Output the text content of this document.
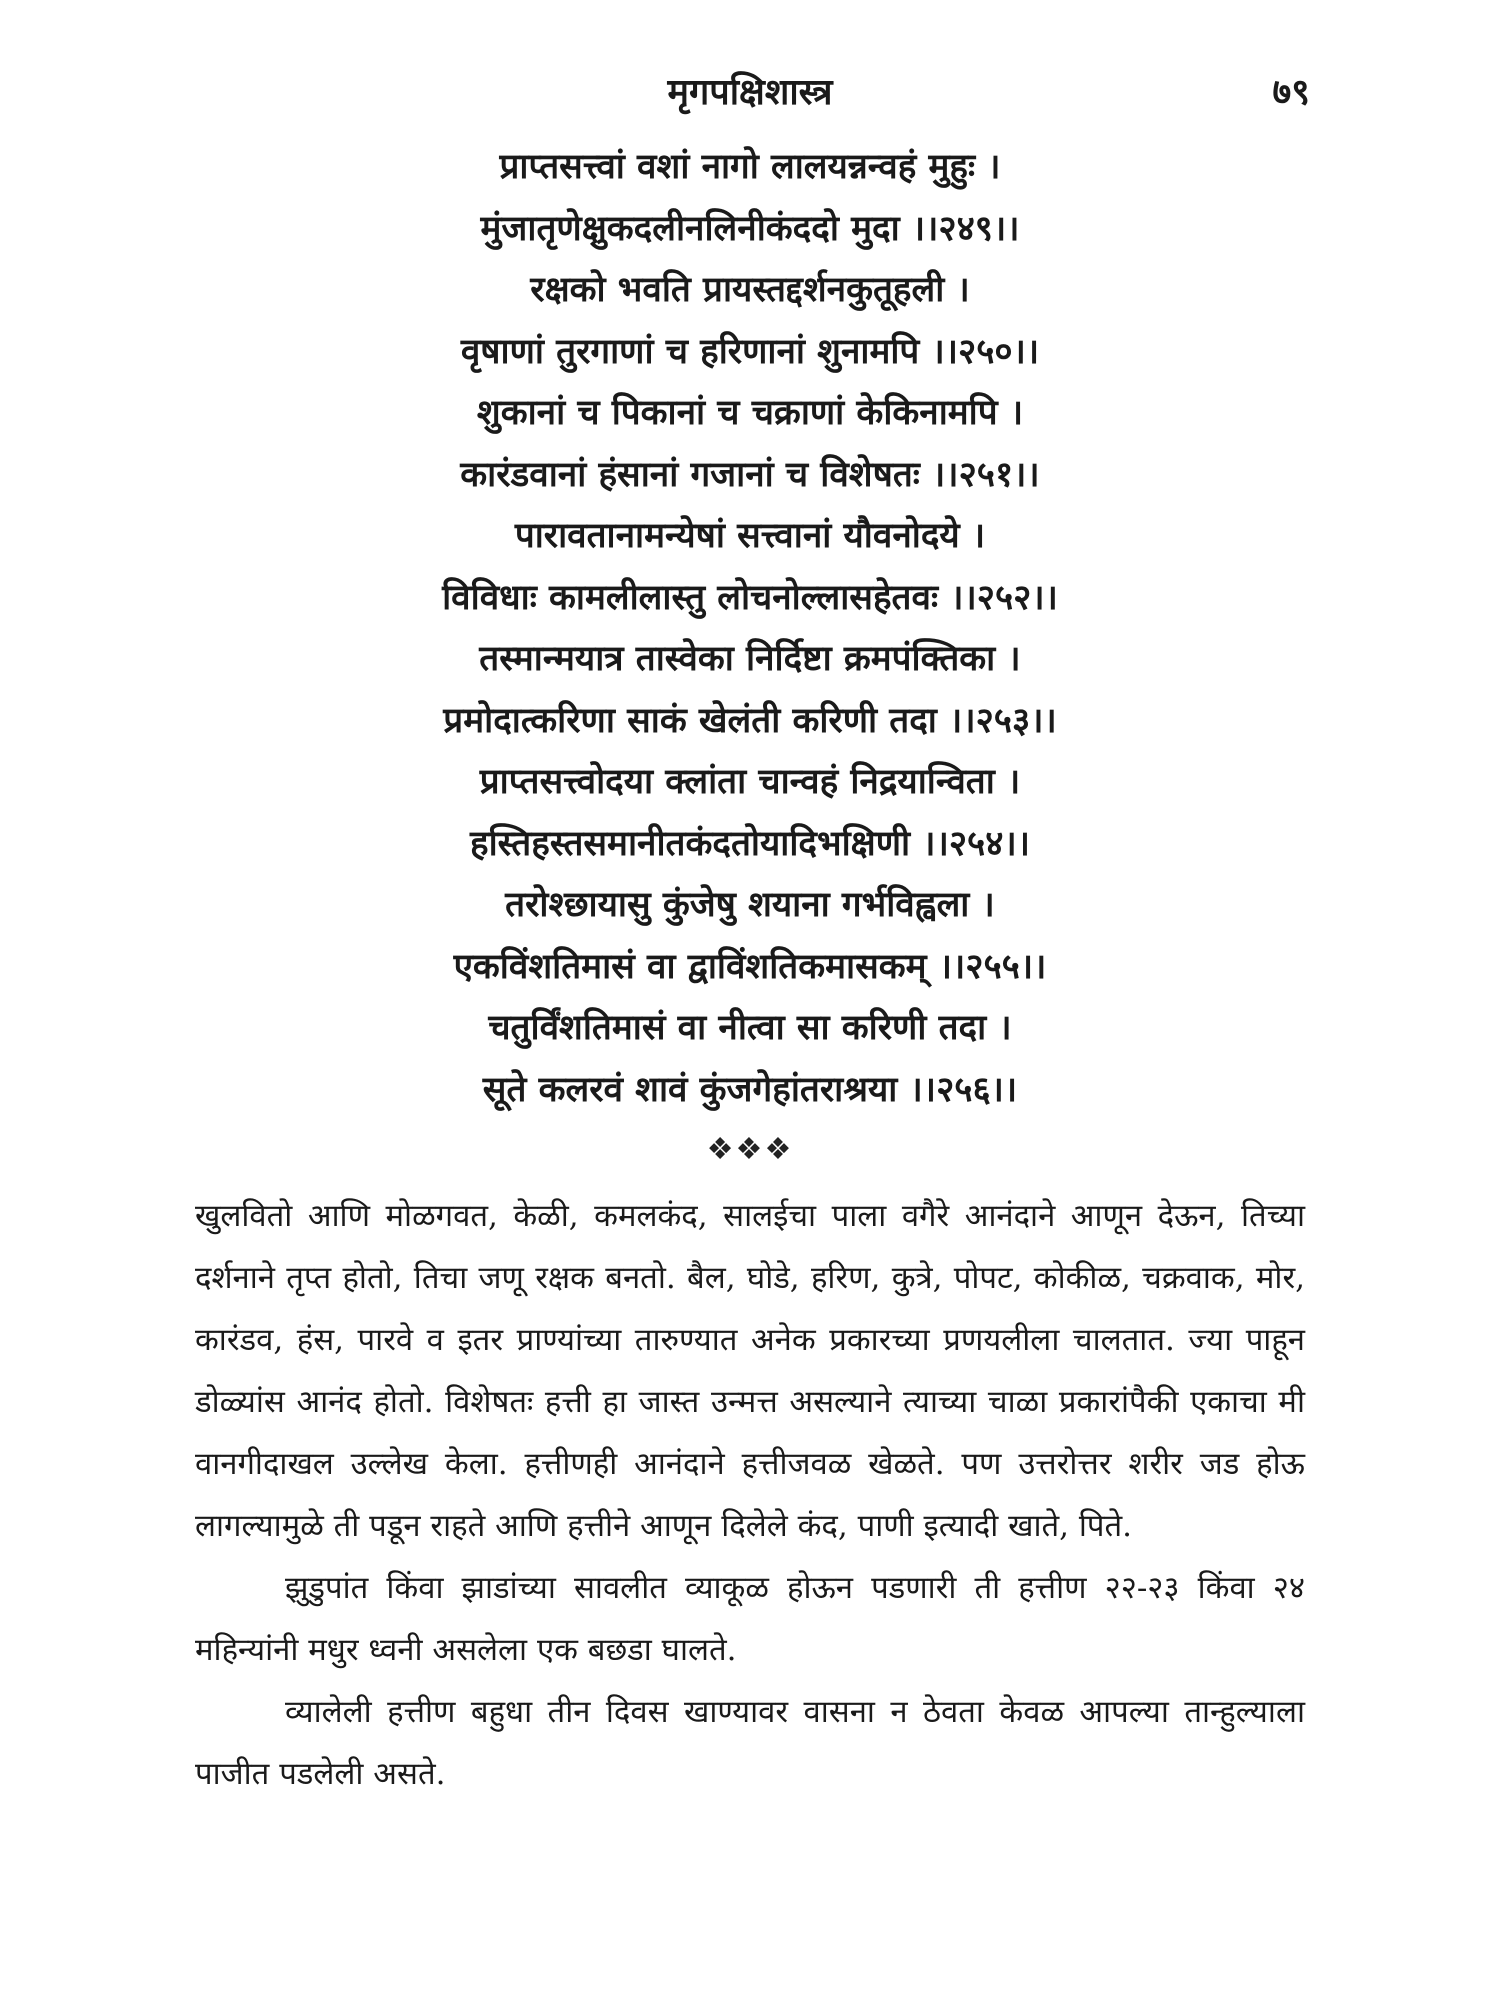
मृगपक्षिशास्त्र	७९
प्राप्तसत्त्वां वशां नागो लालयन्नन्वहं मुहुः ।
मुंजातृणेक्षुकदलीनलिनीकंददो मुदा ।।२४९।।
रक्षको भवति प्रायस्तद्दर्शनकुतूहली ।
वृषाणां तुरगाणां च हरिणानां शुनामपि ।।२५०।।
शुकानां च पिकानां च चक्राणां केकिनामपि ।
कारंडवानां हंसानां गजानां च विशेषतः ।।२५१।।
पारावतानामन्येषां सत्त्वानां यौवनोदये ।
विविधाः कामलीलास्तु लोचनोल्लासहेतवः ।।२५२।।
तस्मान्मयात्र तास्वेका निर्दिष्टा क्रमपंक्तिका ।
प्रमोदात्करिणा साकं खेलंती करिणी तदा ।।२५३।।
प्राप्तसत्त्वोदया क्लांता चान्वहं निद्रयान्विता ।
हस्तिहस्तसमानीतकंदतोयादिभक्षिणी ।।२५४।।
तरोश्छायासु कुंजेषु शयाना गर्भविह्वला ।
एकविंशतिमासं वा द्वाविंशतिकमासकम् ।।२५५।।
चतुर्विंशतिमासं वा नीत्वा सा करिणी तदा ।
सूते कलरवं शावं कुंजगेहांतराश्रया ।।२५६।।
❖❖❖

खुलवितो आणि मोळगवत, केळी, कमलकंद, सालईचा पाला वगैरे आनंदाने आणून देऊन, तिच्या दर्शनाने तृप्त होतो, तिचा जणू रक्षक बनतो. बैल, घोडे, हरिण, कुत्रे, पोपट, कोकीळ, चक्रवाक, मोर, कारंडव, हंस, पारवे व इतर प्राण्यांच्या तारुण्यात अनेक प्रकारच्या प्रणयलीला चालतात. ज्या पाहून डोळ्यांस आनंद होतो. विशेषतः हत्ती हा जास्त उन्मत्त असल्याने त्याच्या चाळा प्रकारांपैकी एकाचा मी वानगीदाखल उल्लेख केला. हत्तीणही आनंदाने हत्तीजवळ खेळते. पण उत्तरोत्तर शरीर जड होऊ लागल्यामुळे ती पडून राहते आणि हत्तीने आणून दिलेले कंद, पाणी इत्यादी खाते, पिते.

झुडुपांत किंवा झाडांच्या सावलीत व्याकूळ होऊन पडणारी ती हत्तीण २२-२३ किंवा २४ महिन्यांनी मधुर ध्वनी असलेला एक बछडा घालते.

व्यालेली हत्तीण बहुधा तीन दिवस खाण्यावर वासना न ठेवता केवळ आपल्या तान्हुल्याला पाजीत पडलेली असते.
